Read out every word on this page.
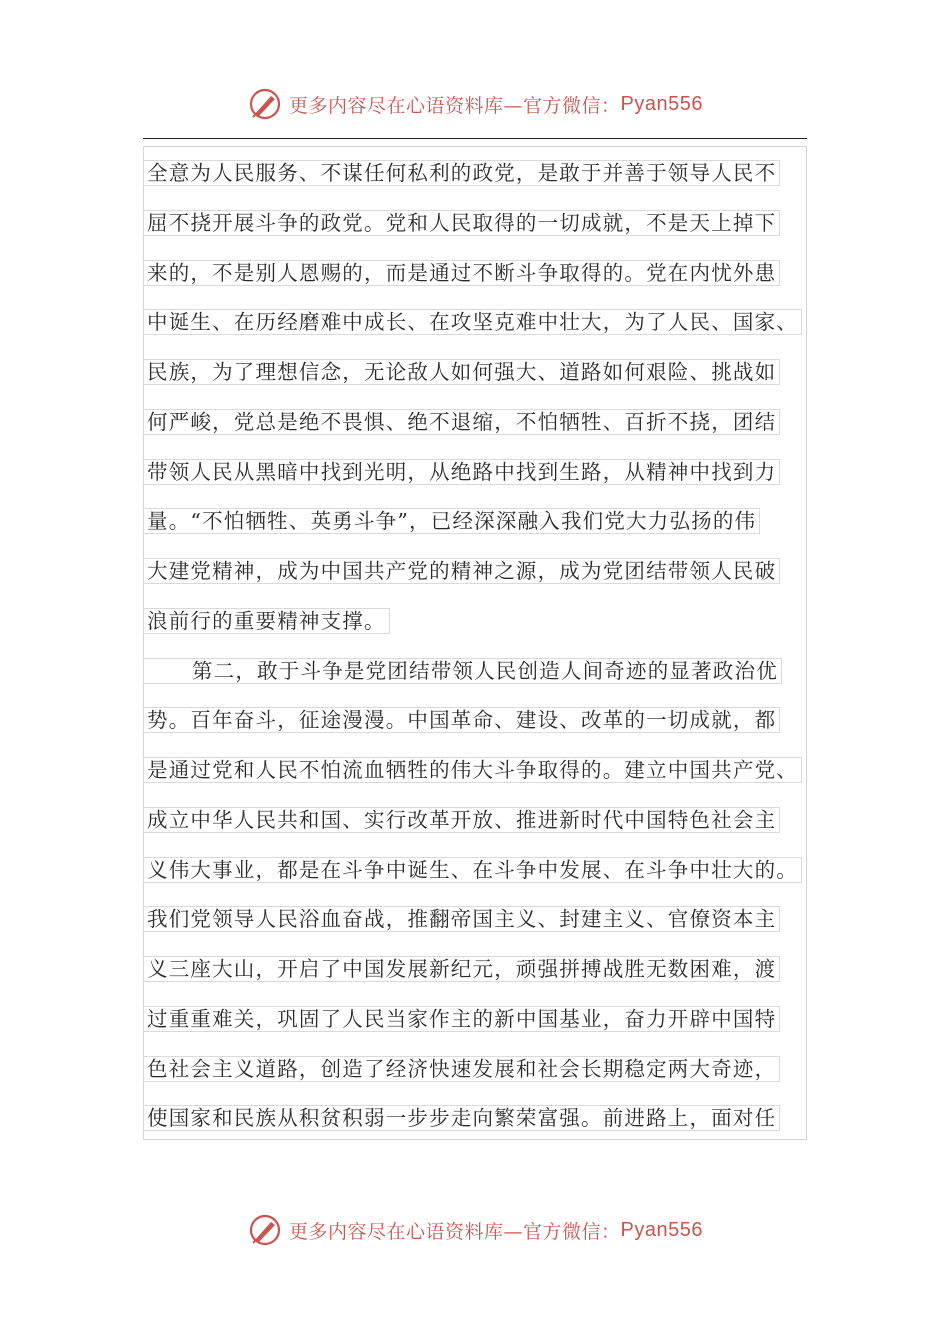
更多内容尽在心语资料库—官方微信： Pyan556
全意为人民服务、不谋任何私利的政党，是敢于并善于领导人民不
屈不挠开展斗争的政党。党和人民取得的一切成就，不是天上掉下
来的，不是别人恩赐的，而是通过不断斗争取得的。党在内忧外患
中诞生、在历经磨难中成长、在攻坚克难中壮大，为了人民、国家、
民族，为了理想信念，无论敌人如何强大、道路如何艰险、挑战如
何严峻，党总是绝不畏惧、绝不退缩，不怕牺牲、百折不挠，团结
带领人民从黑暗中找到光明，从绝路中找到生路，从精神中找到力
量。“不怕牺牲、英勇斗争”，已经深深融入我们党大力弘扬的伟
大建党精神，成为中国共产党的精神之源，成为党团结带领人民破
浪前行的重要精神支撑。
第二，敢于斗争是党团结带领人民创造人间奇迹的显著政治优
势。百年奋斗，征途漫漫。中国革命、建设、改革的一切成就，都
是通过党和人民不怕流血牺牲的伟大斗争取得的。建立中国共产党、
成立中华人民共和国、实行改革开放、推进新时代中国特色社会主
义伟大事业，都是在斗争中诞生、在斗争中发展、在斗争中壮大的。
我们党领导人民浴血奋战，推翻帝国主义、封建主义、官僚资本主
义三座大山，开启了中国发展新纪元，顽强拼搏战胜无数困难，渡
过重重难关，巩固了人民当家作主的新中国基业，奋力开辟中国特
色社会主义道路，创造了经济快速发展和社会长期稳定两大奇迹，
使国家和民族从积贫积弱一步步走向繁荣富强。前进路上，面对任
更多内容尽在心语资料库—官方微信： Pyan556
